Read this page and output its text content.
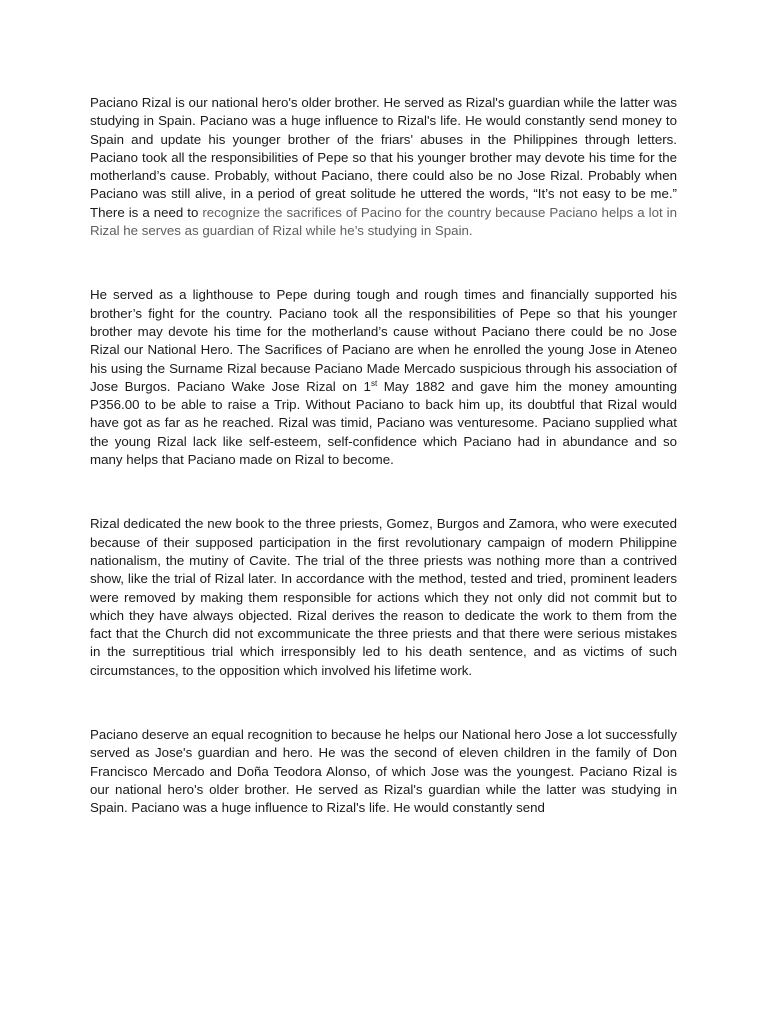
Paciano Rizal is our national hero's older brother. He served as Rizal's guardian while the latter was studying in Spain. Paciano was a huge influence to Rizal's life. He would constantly send money to Spain and update his younger brother of the friars' abuses in the Philippines through letters. Paciano took all the responsibilities of Pepe so that his younger brother may devote his time for the motherland’s cause. Probably, without Paciano, there could also be no Jose Rizal. Probably when Paciano was still alive, in a period of great solitude he uttered the words, “It’s not easy to be me.” There is a need to recognize the sacrifices of Pacino for the country because Paciano helps a lot in Rizal he serves as guardian of Rizal while he’s studying in Spain.

He served as a lighthouse to Pepe during tough and rough times and financially supported his brother’s fight for the country. Paciano took all the responsibilities of Pepe so that his younger brother may devote his time for the motherland’s cause without Paciano there could be no Jose Rizal our National Hero. The Sacrifices of Paciano are when he enrolled the young Jose in Ateneo his using the Surname Rizal because Paciano Made Mercado suspicious through his association of Jose Burgos. Paciano Wake Jose Rizal on 1st May 1882 and gave him the money amounting P356.00 to be able to raise a Trip. Without Paciano to back him up, its doubtful that Rizal would have got as far as he reached. Rizal was timid, Paciano was venturesome. Paciano supplied what the young Rizal lack like self-esteem, self-confidence which Paciano had in abundance and so many helps that Paciano made on Rizal to become.

Rizal dedicated the new book to the three priests, Gomez, Burgos and Zamora, who were executed because of their supposed participation in the first revolutionary campaign of modern Philippine nationalism, the mutiny of Cavite. The trial of the three priests was nothing more than a contrived show, like the trial of Rizal later. In accordance with the method, tested and tried, prominent leaders were removed by making them responsible for actions which they not only did not commit but to which they have always objected. Rizal derives the reason to dedicate the work to them from the fact that the Church did not excommunicate the three priests and that there were serious mistakes in the surreptitious trial which irresponsibly led to his death sentence, and as victims of such circumstances, to the opposition which involved his lifetime work.

Paciano deserve an equal recognition to because he helps our National hero Jose a lot successfully served as Jose's guardian and hero. He was the second of eleven children in the family of Don Francisco Mercado and Doña Teodora Alonso, of which Jose was the youngest. Paciano Rizal is our national hero's older brother. He served as Rizal's guardian while the latter was studying in Spain. Paciano was a huge influence to Rizal's life. He would constantly send
